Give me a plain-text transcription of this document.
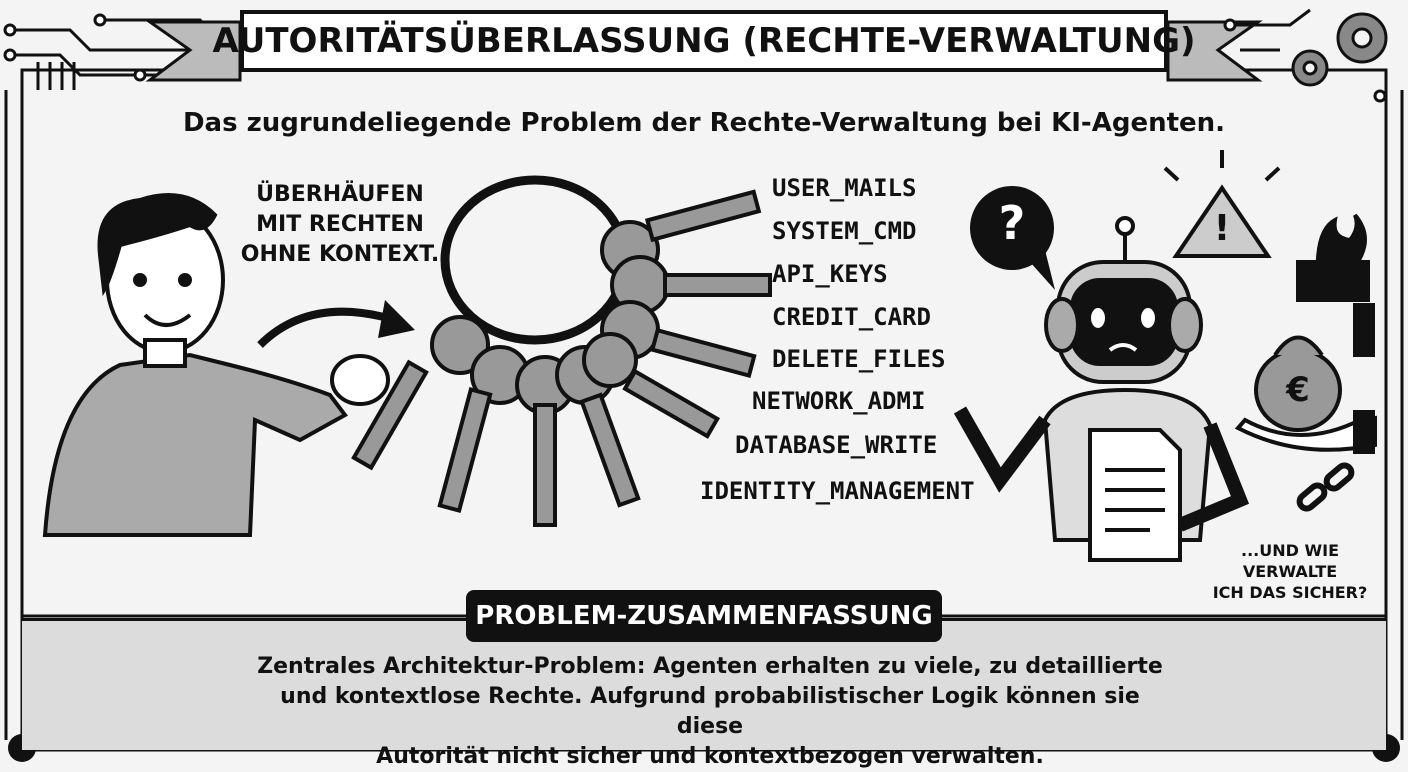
AUTORITÄTSÜBERLASSUNG (RECHTE-VERWALTUNG)
Das zugrundeliegende Problem der Rechte-Verwaltung bei KI-Agenten.
ÜBERHÄUFEN
MIT RECHTEN
OHNE KONTEXT.
USER_MAILS
SYSTEM_CMD
API_KEYS
CREDIT_CARD
DELETE_FILES
NETWORK_ADMI
DATABASE_WRITE
IDENTITY_MANAGEMENT
?	!
€
...UND WIE
VERWALTE
ICH DAS SICHER?
PROBLEM-ZUSAMMENFASSUNG
Zentrales Architektur-Problem: Agenten erhalten zu viele, zu detaillierte
und kontextlose Rechte. Aufgrund probabilistischer Logik können sie diese
Autorität nicht sicher und kontextbezogen verwalten.
